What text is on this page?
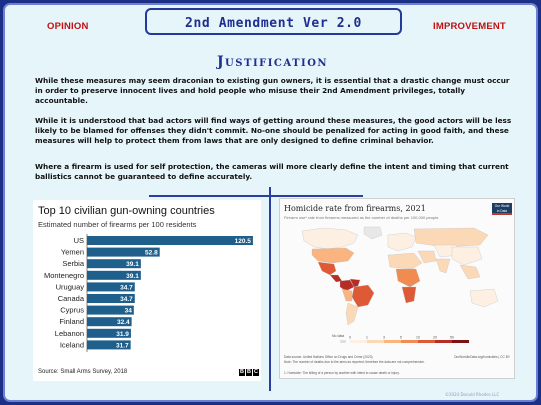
OPINION	2nd Amendment Ver 2.0	IMPROVEMENT
Justification

While these measures may seem draconian to existing gun owners, it is essential that a drastic change must occur in order to preserve innocent lives and hold people who misuse their 2nd Amendment privileges, totally accountable.

While it is understood that bad actors will find ways of getting around these measures, the good actors will be less likely to be blamed for offenses they didn't commit. No-one should be penalized for acting in good faith, and these measures will help to protect them from laws that are only designed to define criminal behavior.

Where a firearm is used for self protection, the cameras will more clearly define the intent and timing that current ballistics cannot be guaranteed to define accurately.

Top 10 civilian gun-owning countries
Estimated number of firearms per 100 residents
US	120.5
Yemen	52.8
Serbia	39.1
Montenegro	39.1
Uruguay	34.7
Canada	34.7
Cyprus	34
Finland	32.4
Lebanon	31.9
Iceland	31.7
Source: Small Arms Survey, 2018	B B C
Homicide rate from firearms, 2021
Firearm use* rate from firearms measured as the number of deaths per 100,000 people.
Our World
in Data
No data 0	1	3	5	10	20	50
Data source: United Nations Office on Drugs and Crime (2023)	OurWorldInData.org/homicides | CC BY
Note: The number of deaths due to fire arms as reported; therefore the data are not comprehensive.
1. Homicide: The killing of a person by another with intent to cause death or injury.
©2024 Donald Rhodes LLC
